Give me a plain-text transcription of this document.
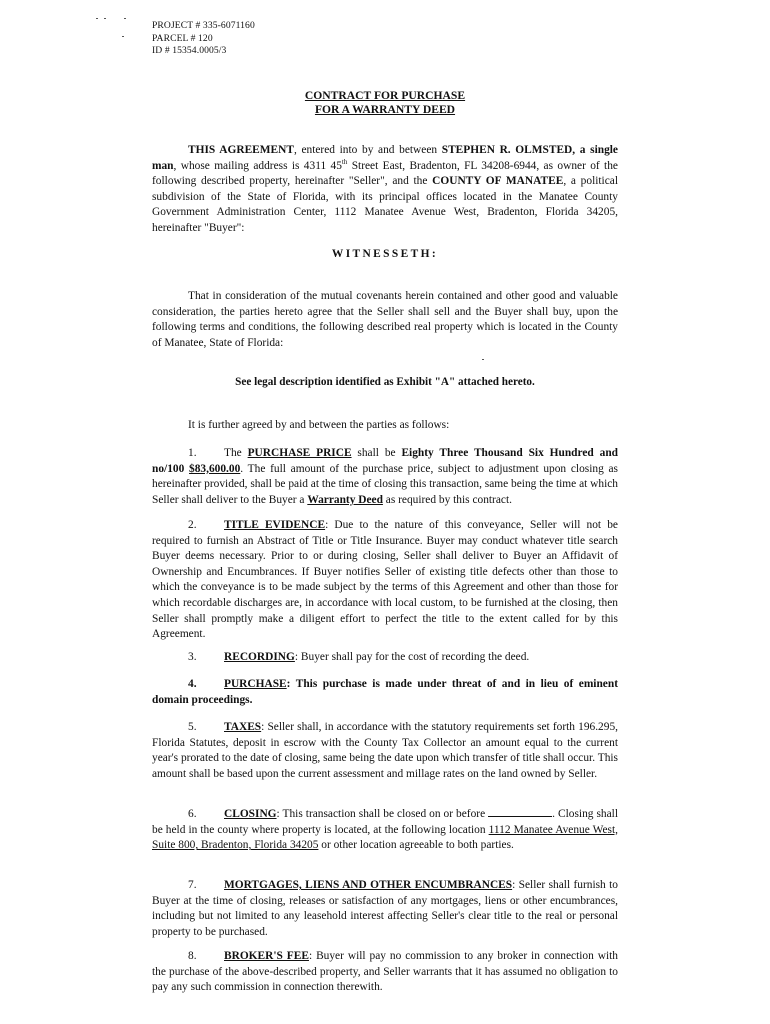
PROJECT # 335-6071160
PARCEL # 120
ID # 15354.0005/3
CONTRACT FOR PURCHASE
FOR A WARRANTY DEED
THIS AGREEMENT, entered into by and between STEPHEN R. OLMSTED, a single man, whose mailing address is 4311 45th Street East, Bradenton, FL 34208-6944, as owner of the following described property, hereinafter "Seller", and the COUNTY OF MANATEE, a political subdivision of the State of Florida, with its principal offices located in the Manatee County Government Administration Center, 1112 Manatee Avenue West, Bradenton, Florida 34205, hereinafter "Buyer":
WITNESSETH:
That in consideration of the mutual covenants herein contained and other good and valuable consideration, the parties hereto agree that the Seller shall sell and the Buyer shall buy, upon the following terms and conditions, the following described real property which is located in the County of Manatee, State of Florida:
See legal description identified as Exhibit "A" attached hereto.
It is further agreed by and between the parties as follows:
1. The PURCHASE PRICE shall be Eighty Three Thousand Six Hundred and no/100 $83,600.00. The full amount of the purchase price, subject to adjustment upon closing as hereinafter provided, shall be paid at the time of closing this transaction, same being the time at which Seller shall deliver to the Buyer a Warranty Deed as required by this contract.
2. TITLE EVIDENCE: Due to the nature of this conveyance, Seller will not be required to furnish an Abstract of Title or Title Insurance. Buyer may conduct whatever title search Buyer deems necessary. Prior to or during closing, Seller shall deliver to Buyer an Affidavit of Ownership and Encumbrances. If Buyer notifies Seller of existing title defects other than those to which the conveyance is to be made subject by the terms of this Agreement and other than those for which recordable discharges are, in accordance with local custom, to be furnished at the closing, then Seller shall promptly make a diligent effort to perfect the title to the extent called for by this Agreement.
3. RECORDING: Buyer shall pay for the cost of recording the deed.
4. PURCHASE: This purchase is made under threat of and in lieu of eminent domain proceedings.
5. TAXES: Seller shall, in accordance with the statutory requirements set forth 196.295, Florida Statutes, deposit in escrow with the County Tax Collector an amount equal to the current year's prorated to the date of closing, same being the date upon which transfer of title shall occur. This amount shall be based upon the current assessment and millage rates on the land owned by Seller.
6. CLOSING: This transaction shall be closed on or before	. Closing shall be held in the county where property is located, at the following location 1112 Manatee Avenue West, Suite 800, Bradenton, Florida 34205 or other location agreeable to both parties.
7. MORTGAGES, LIENS AND OTHER ENCUMBRANCES: Seller shall furnish to Buyer at the time of closing, releases or satisfaction of any mortgages, liens or other encumbrances, including but not limited to any leasehold interest affecting Seller's clear title to the real or personal property to be purchased.
8. BROKER'S FEE: Buyer will pay no commission to any broker in connection with the purchase of the above-described property, and Seller warrants that it has assumed no obligation to pay any such commission in connection therewith.
